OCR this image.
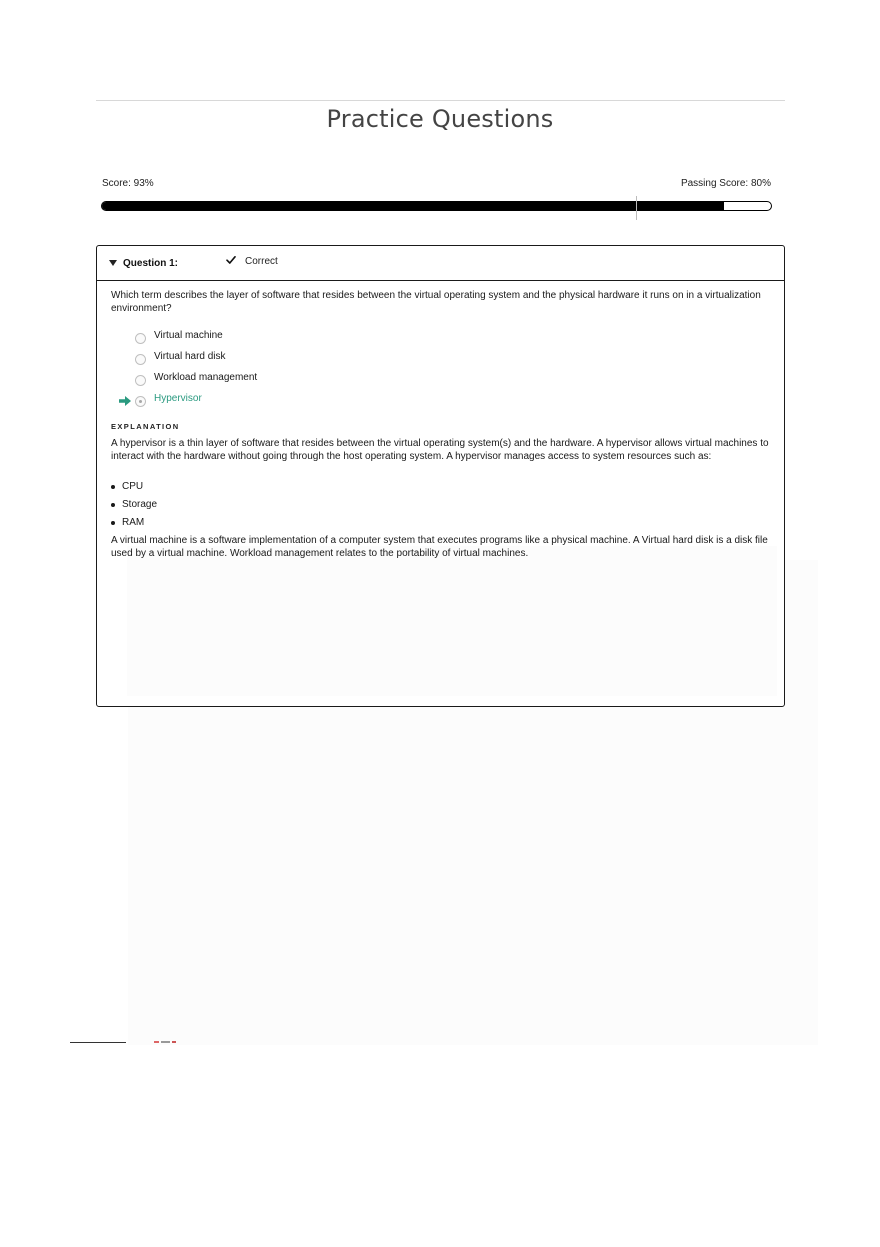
Practice Questions
Score: 93%	Passing Score: 80%
Question 1:	Correct
Which term describes the layer of software that resides between the virtual operating system and the physical hardware it runs on in a virtualization environment?
Virtual machine
Virtual hard disk
Workload management
Hypervisor
EXPLANATION
A hypervisor is a thin layer of software that resides between the virtual operating system(s) and the hardware. A hypervisor allows virtual machines to interact with the hardware without going through the host operating system. A hypervisor manages access to system resources such as:
CPU
Storage
RAM
A virtual machine is a software implementation of a computer system that executes programs like a physical machine. A Virtual hard disk is a disk file used by a virtual machine. Workload management relates to the portability of virtual machines.
